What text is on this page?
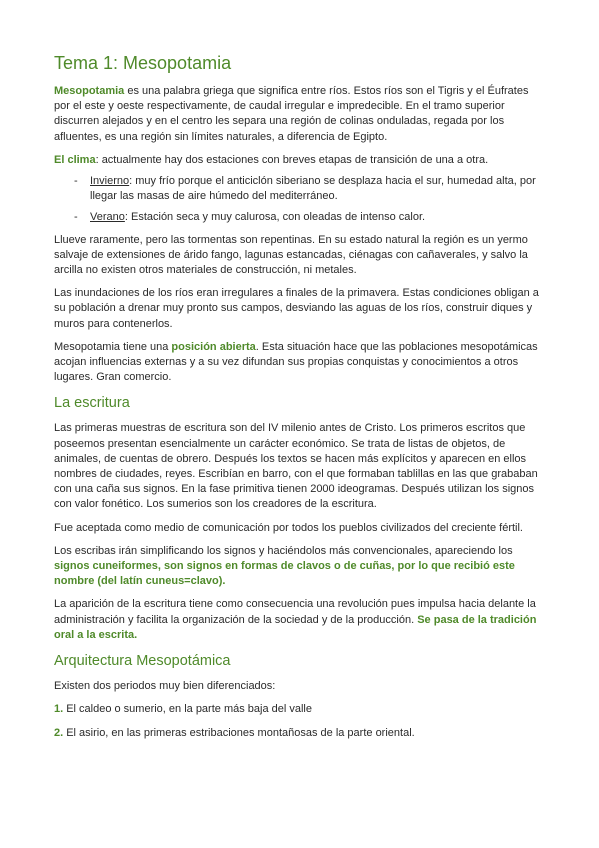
Tema 1: Mesopotamia

Mesopotamia es una palabra griega que significa entre ríos. Estos ríos son el Tigris y el Éufrates por el este y oeste respectivamente, de caudal irregular e impredecible. En el tramo superior discurren alejados y en el centro les separa una región de colinas onduladas, regada por los afluentes, es una región sin límites naturales, a diferencia de Egipto.

El clima: actualmente hay dos estaciones con breves etapas de transición de una a otra.

- Invierno: muy frío porque el anticiclón siberiano se desplaza hacia el sur, humedad alta, por llegar las masas de aire húmedo del mediterráneo.
- Verano: Estación seca y muy calurosa, con oleadas de intenso calor.

Llueve raramente, pero las tormentas son repentinas. En su estado natural la región es un yermo salvaje de extensiones de árido fango, lagunas estancadas, ciénagas con cañaverales, y salvo la arcilla no existen otros materiales de construcción, ni metales.

Las inundaciones de los ríos eran irregulares a finales de la primavera. Estas condiciones obligan a su población a drenar muy pronto sus campos, desviando las aguas de los ríos, construir diques y muros para contenerlos.

Mesopotamia tiene una posición abierta. Esta situación hace que las poblaciones mesopotámicas acojan influencias externas y a su vez difundan sus propias conquistas y conocimientos a otros lugares. Gran comercio.

La escritura

Las primeras muestras de escritura son del IV milenio antes de Cristo. Los primeros escritos que poseemos presentan esencialmente un carácter económico. Se trata de listas de objetos, de animales, de cuentas de obrero. Después los textos se hacen más explícitos y aparecen en ellos nombres de ciudades, reyes. Escribían en barro, con el que formaban tablillas en las que grababan con una caña sus signos. En la fase primitiva tienen 2000 ideogramas. Después utilizan los signos con valor fonético. Los sumerios son los creadores de la escritura.

Fue aceptada como medio de comunicación por todos los pueblos civilizados del creciente fértil.

Los escribas irán simplificando los signos y haciéndolos más convencionales, apareciendo los signos cuneiformes, son signos en formas de clavos o de cuñas, por lo que recibió este nombre (del latín cuneus=clavo).

La aparición de la escritura tiene como consecuencia una revolución pues impulsa hacia delante la administración y facilita la organización de la sociedad y de la producción. Se pasa de la tradición oral a la escrita.

Arquitectura Mesopotámica

Existen dos periodos muy bien diferenciados:

1. El caldeo o sumerio, en la parte más baja del valle
2. El asirio, en las primeras estribaciones montañosas de la parte oriental.
